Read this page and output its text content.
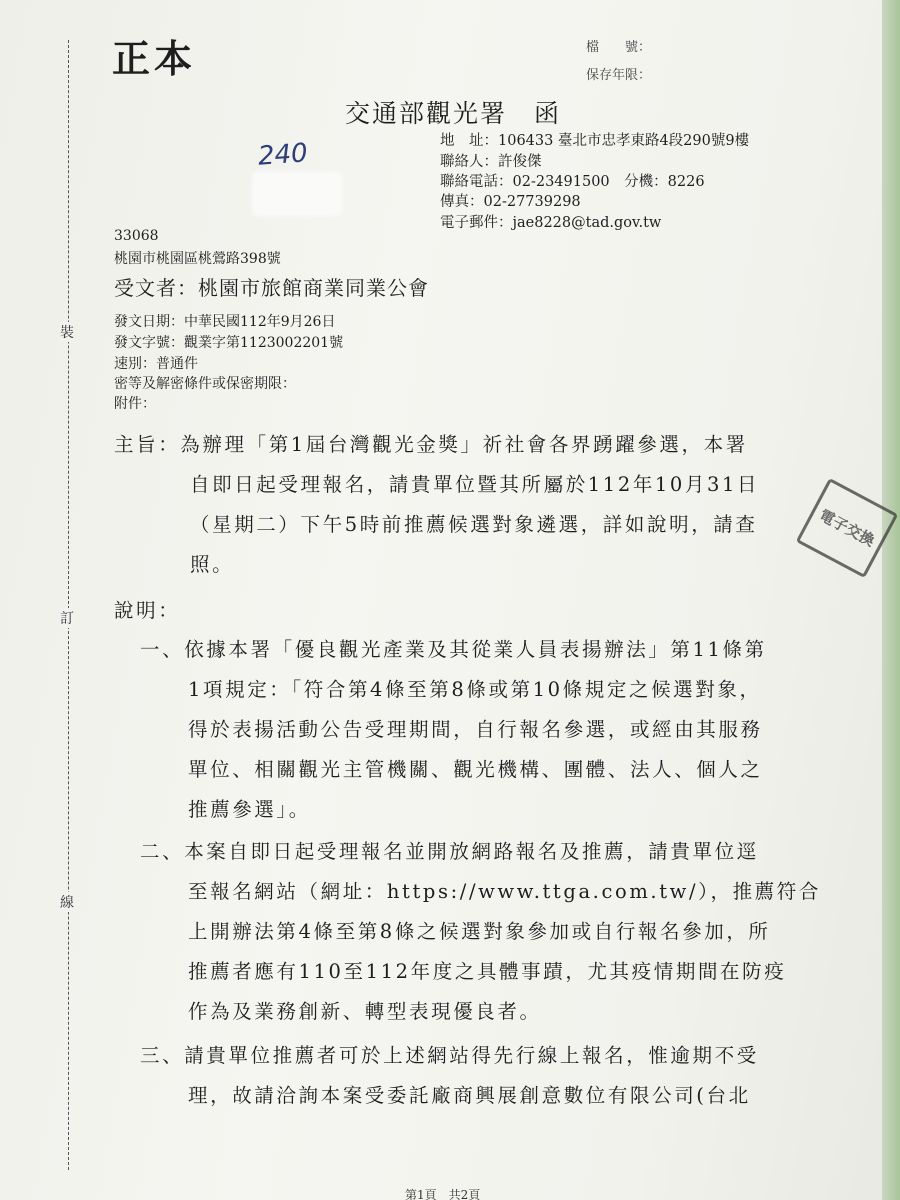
裝
訂
線
正本	檔　　號：
保存年限：
交通部觀光署　函
地　址：106433 臺北市忠孝東路4段290號9樓
聯絡人：許俊傑
聯絡電話：02-23491500　分機：8226
傳真：02-27739298
電子郵件：jae8228@tad.gov.tw
240
33068
桃園市桃園區桃鶯路398號
受文者：桃園市旅館商業同業公會
發文日期：中華民國112年9月26日
發文字號：觀業字第1123002201號
速別：普通件
密等及解密條件或保密期限：
附件：
主旨：為辦理「第1屆台灣觀光金獎」祈社會各界踴躍參選，本署
自即日起受理報名，請貴單位暨其所屬於112年10月31日
（星期二）下午5時前推薦候選對象遴選，詳如說明，請查
照。
說明：
一、依據本署「優良觀光產業及其從業人員表揚辦法」第11條第
1項規定：「符合第4條至第8條或第10條規定之候選對象，
得於表揚活動公告受理期間，自行報名參選，或經由其服務
單位、相關觀光主管機關、觀光機構、團體、法人、個人之
推薦參選」。
二、本案自即日起受理報名並開放網路報名及推薦，請貴單位逕
至報名網站（網址：https://www.ttga.com.tw/），推薦符合
上開辦法第4條至第8條之候選對象參加或自行報名參加，所
推薦者應有110至112年度之具體事蹟，尤其疫情期間在防疫
作為及業務創新、轉型表現優良者。
三、請貴單位推薦者可於上述網站得先行線上報名，惟逾期不受
理，故請洽詢本案受委託廠商興展創意數位有限公司(台北
電子交換
第1頁　共2頁
